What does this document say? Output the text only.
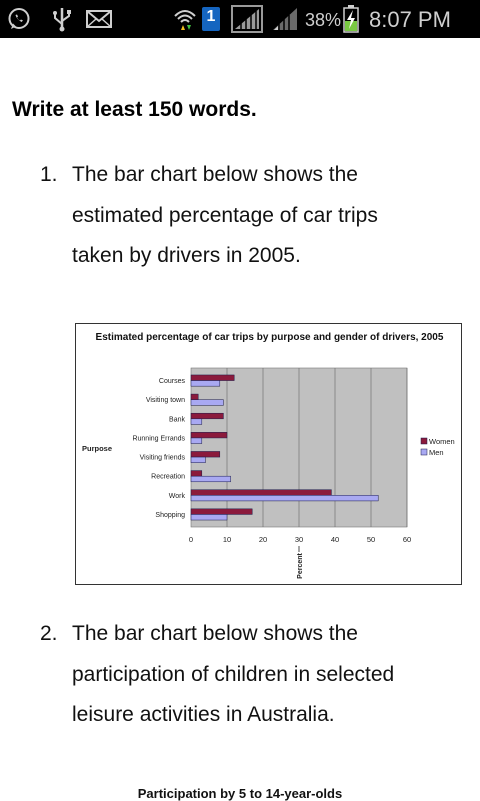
1	38% 8:07 PM
Write at least 150 words.
1. The bar chart below shows the
estimated percentage of car trips
taken by drivers in 2005.
Estimated percentage of car trips by purpose and gender of drivers, 2005
0	10	20	30	40	50	60
Courses
Visiting town
Bank
Running Errands
Visiting friends
Recreation
Work
Shopping
Purpose
Percent
Women
Men
2. The bar chart below shows the
participation of children in selected
leisure activities in Australia.
Participation by 5 to 14-year-olds
